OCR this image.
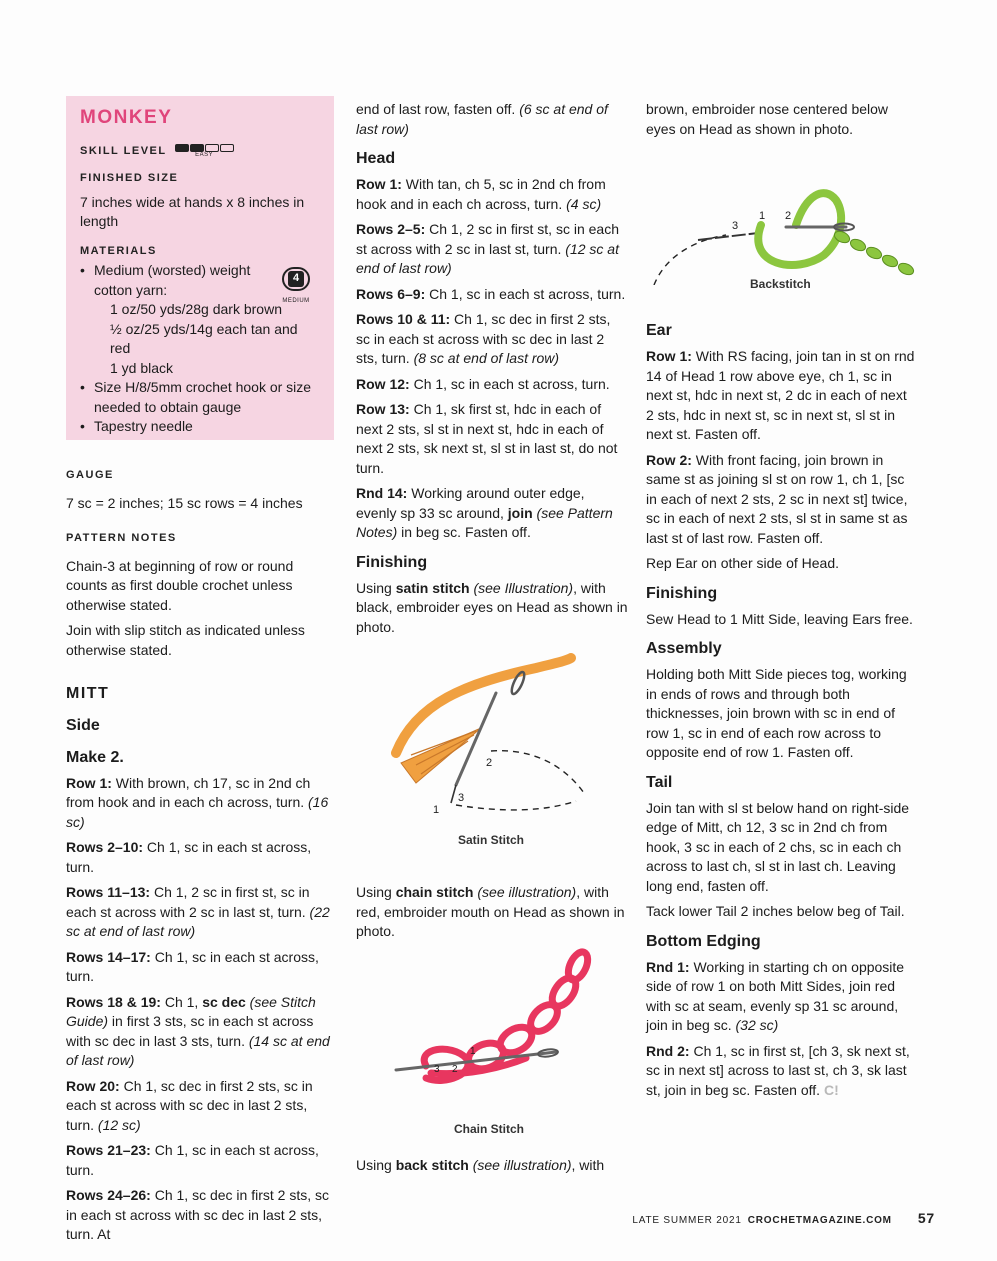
MONKEY
SKILL LEVEL	EASY
FINISHED SIZE
7 inches wide at hands x 8 inches in length
MATERIALS
4
MEDIUM
• Medium (worsted) weight cotton yarn:
1 oz/50 yds/28g dark brown
½ oz/25 yds/14g each tan and red
1 yd black
• Size H/8/5mm crochet hook or size needed to obtain gauge
• Tapestry needle
GAUGE
7 sc = 2 inches; 15 sc rows = 4 inches
PATTERN NOTES
Chain-3 at beginning of row or round counts as first double crochet unless otherwise stated.
Join with slip stitch as indicated unless otherwise stated.
MITT
Side
Make 2.
Row 1: With brown, ch 17, sc in 2nd ch from hook and in each ch across, turn. (16 sc)
Rows 2–10: Ch 1, sc in each st across, turn.
Rows 11–13: Ch 1, 2 sc in first st, sc in each st across with 2 sc in last st, turn. (22 sc at end of last row)
Rows 14–17: Ch 1, sc in each st across, turn.
Rows 18 & 19: Ch 1, sc dec (see Stitch Guide) in first 3 sts, sc in each st across with sc dec in last 3 sts, turn. (14 sc at end of last row)
Row 20: Ch 1, sc dec in first 2 sts, sc in each st across with sc dec in last 2 sts, turn. (12 sc)
Rows 21–23: Ch 1, sc in each st across, turn.
Rows 24–26: Ch 1, sc dec in first 2 sts, sc in each st across with sc dec in last 2 sts, turn. At
end of last row, fasten off. (6 sc at end of last row)
Head
Row 1: With tan, ch 5, sc in 2nd ch from hook and in each ch across, turn. (4 sc)
Rows 2–5: Ch 1, 2 sc in first st, sc in each st across with 2 sc in last st, turn. (12 sc at end of last row)
Rows 6–9: Ch 1, sc in each st across, turn.
Rows 10 & 11: Ch 1, sc dec in first 2 sts, sc in each st across with sc dec in last 2 sts, turn. (8 sc at end of last row)
Row 12: Ch 1, sc in each st across, turn.
Row 13: Ch 1, sk first st, hdc in each of next 2 sts, sl st in next st, hdc in each of next 2 sts, sk next st, sl st in last st, do not turn.
Rnd 14: Working around outer edge, evenly sp 33 sc around, join (see Pattern Notes) in beg sc. Fasten off.
Finishing
Using satin stitch (see Illustration), with black, embroider eyes on Head as shown in photo.
2
3
1
Satin Stitch
Using chain stitch (see illustration), with red, embroider mouth on Head as shown in photo.
1
2
3
Chain Stitch
Using back stitch (see illustration), with
brown, embroider nose centered below eyes on Head as shown in photo.
3
1 2
Backstitch
Ear
Row 1: With RS facing, join tan in st on rnd 14 of Head 1 row above eye, ch 1, sc in next st, hdc in next st, 2 dc in each of next 2 sts, hdc in next st, sc in next st, sl st in next st. Fasten off.
Row 2: With front facing, join brown in same st as joining sl st on row 1, ch 1, [sc in each of next 2 sts, 2 sc in next st] twice, sc in each of next 2 sts, sl st in same st as last st of last row. Fasten off.
Rep Ear on other side of Head.
Finishing
Sew Head to 1 Mitt Side, leaving Ears free.
Assembly
Holding both Mitt Side pieces tog, working in ends of rows and through both thicknesses, join brown with sc in end of row 1, sc in end of each row across to opposite end of row 1. Fasten off.
Tail
Join tan with sl st below hand on right-side edge of Mitt, ch 12, 3 sc in 2nd ch from hook, 3 sc in each of 2 chs, sc in each ch across to last ch, sl st in last ch. Leaving long end, fasten off.
Tack lower Tail 2 inches below beg of Tail.
Bottom Edging
Rnd 1: Working in starting ch on opposite side of row 1 on both Mitt Sides, join red with sc at seam, evenly sp 31 sc around, join in beg sc. (32 sc)
Rnd 2: Ch 1, sc in first st, [ch 3, sk next st, sc in next st] across to last st, ch 3, sk last st, join in beg sc. Fasten off. C!
LATE SUMMER 2021 CROCHETMAGAZINE.COM 57
